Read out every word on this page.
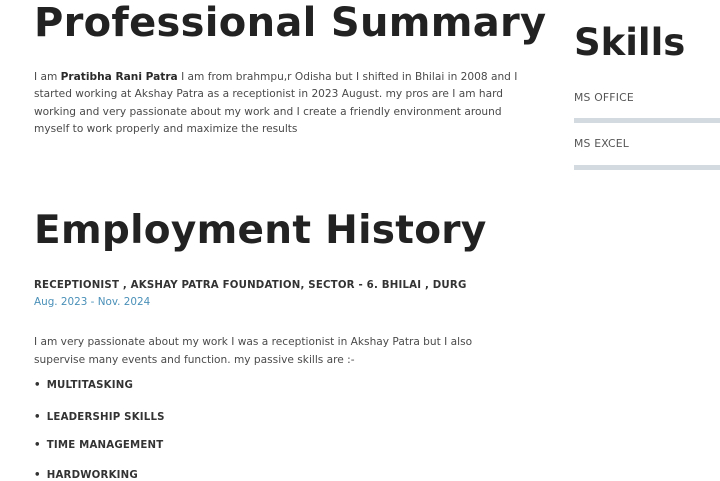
Professional Summary

I am Pratibha Rani Patra I am from brahmpu,r Odisha but I shifted in Bhilai in 2008 and I started working at Akshay Patra as a receptionist in 2023 August. my pros are I am hard working and very passionate about my work and I create a friendly environment around myself to work properly and maximize the results

Employment History

RECEPTIONIST , AKSHAY PATRA FOUNDATION, SECTOR - 6. BHILAI , DURG

Aug. 2023 - Nov. 2024

I am very passionate about my work I was a receptionist in Akshay Patra but I also supervise many events and function. my passive skills are :-

• MULTITASKING
• LEADERSHIP SKILLS
• TIME MANAGEMENT
• HARDWORKING
Skills
MS OFFICE
MS EXCEL
